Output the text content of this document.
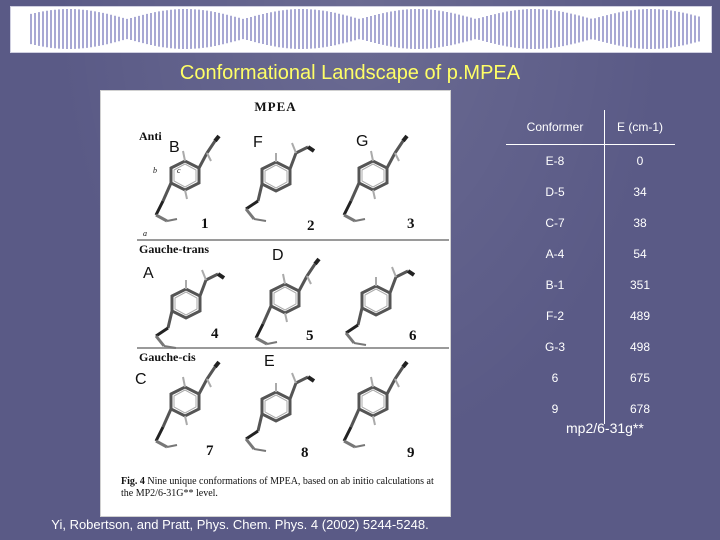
Conformational Landscape of p.MPEA
MPEA
Anti
Gauche-trans
Gauche-cis
b	c
a
1	2	3
4	5	6
7	8	9
B	F	G
D
A
E
C
Fig. 4 Nine unique conformations of MPEA, based on ab initio calculations at the MP2/6-31G** level.
Conformer	E (cm-1)
E-8	0
D-5	34
C-7	38
A-4	54
B-1	351
F-2	489
G-3	498
6	675
9	678
mp2/6-31g**
Yi, Robertson, and Pratt, Phys. Chem. Phys. 4 (2002) 5244-5248.
